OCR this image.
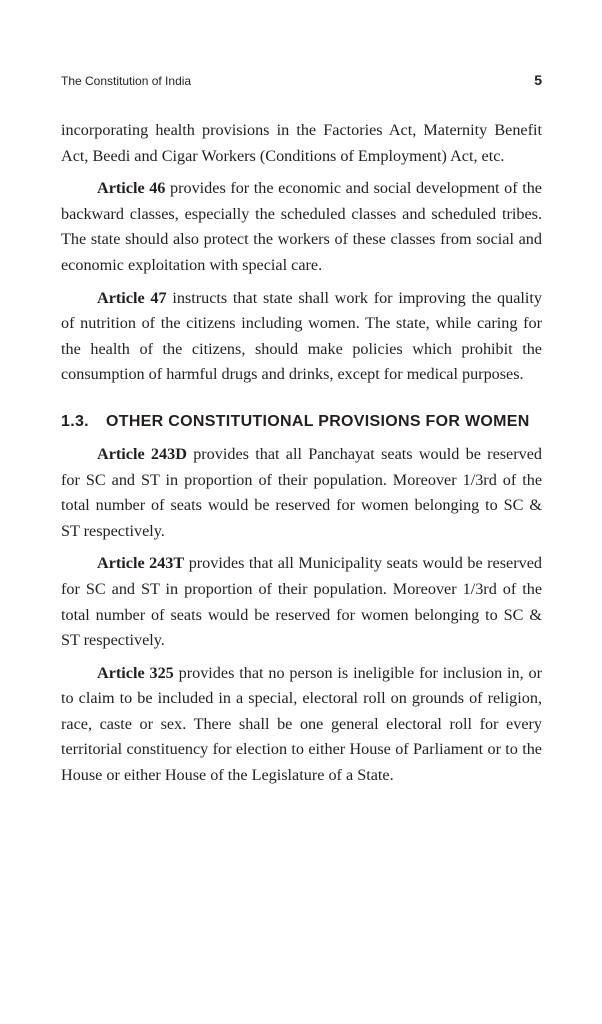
The Constitution of India	5

incorporating health provisions in the Factories Act, Maternity Benefit Act, Beedi and Cigar Workers (Conditions of Employment) Act, etc.

Article 46 provides for the economic and social development of the backward classes, especially the scheduled classes and scheduled tribes. The state should also protect the workers of these classes from social and economic exploitation with special care.

Article 47 instructs that state shall work for improving the quality of nutrition of the citizens including women. The state, while caring for the health of the citizens, should make policies which prohibit the consumption of harmful drugs and drinks, except for medical purposes.

1.3.	OTHER CONSTITUTIONAL PROVISIONS FOR WOMEN

Article 243D provides that all Panchayat seats would be reserved for SC and ST in proportion of their population. Moreover 1/3rd of the total number of seats would be reserved for women belonging to SC & ST respectively.

Article 243T provides that all Municipality seats would be reserved for SC and ST in proportion of their population. Moreover 1/3rd of the total number of seats would be reserved for women belonging to SC & ST respectively.

Article 325 provides that no person is ineligible for inclusion in, or to claim to be included in a special, electoral roll on grounds of religion, race, caste or sex. There shall be one general electoral roll for every territorial constituency for election to either House of Parliament or to the House or either House of the Legislature of a State.
